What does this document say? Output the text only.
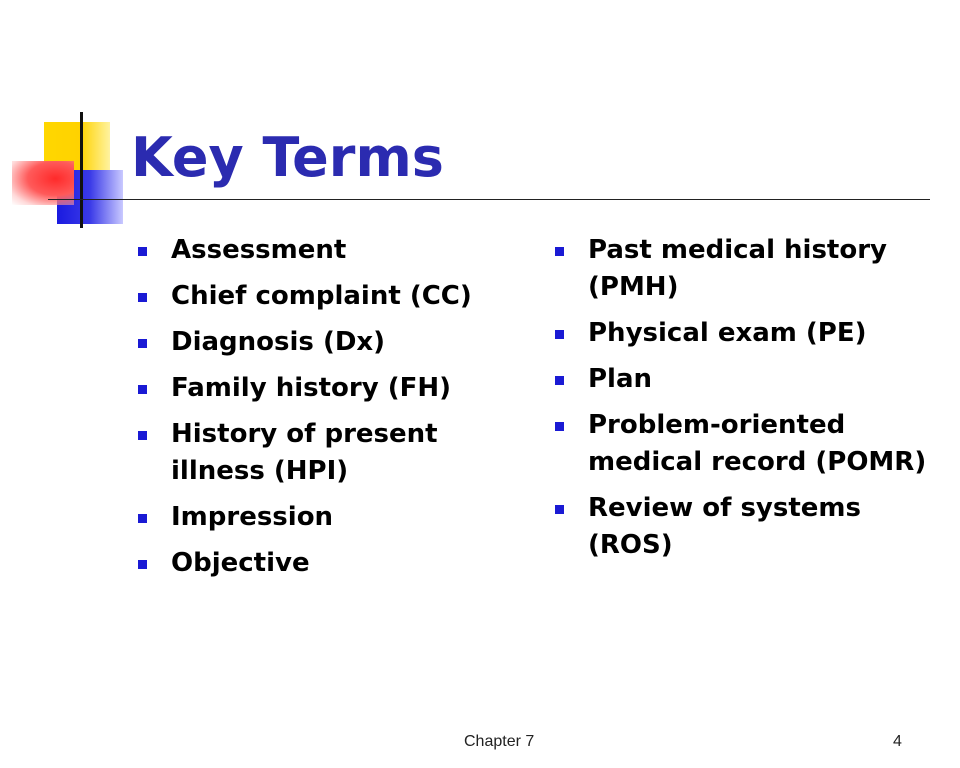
Key Terms
Assessment
Chief complaint (CC)
Diagnosis (Dx)
Family history (FH)
History of present illness (HPI)
Impression
Objective
Past medical history (PMH)
Physical exam (PE)
Plan
Problem-oriented medical record (POMR)
Review of systems (ROS)
Chapter 7	4
